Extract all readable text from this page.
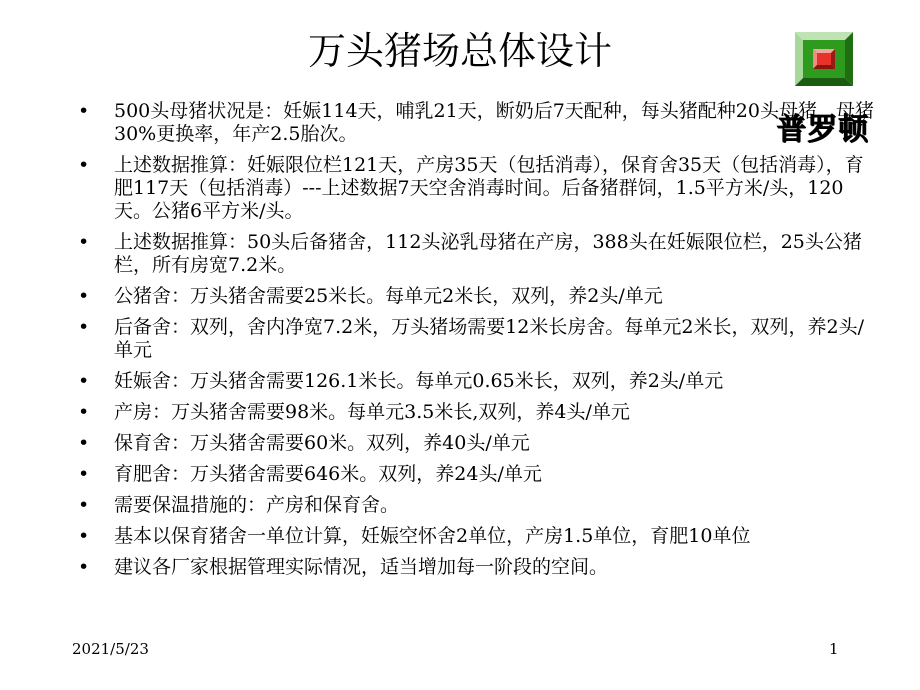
万头猪场总体设计
普罗顿
• 500头母猪状况是：妊娠114天，哺乳21天，断奶后7天配种，每头猪配种20头母猪，母猪30%更换率，年产2.5胎次。
• 上述数据推算：妊娠限位栏121天，产房35天（包括消毒），保育舍35天（包括消毒），育肥117天（包括消毒）---上述数据7天空舍消毒时间。后备猪群饲，1.5平方米/头，120天。公猪6平方米/头。
• 上述数据推算：50头后备猪舍，112头泌乳母猪在产房，388头在妊娠限位栏，25头公猪栏，所有房宽7.2米。
• 公猪舍：万头猪舍需要25米长。每单元2米长，双列，养2头/单元
• 后备舍：双列，舍内净宽7.2米，万头猪场需要12米长房舍。每单元2米长，双列，养2头/单元
• 妊娠舍：万头猪舍需要126.1米长。每单元0.65米长，双列，养2头/单元
• 产房：万头猪舍需要98米。每单元3.5米长,双列，养4头/单元
• 保育舍：万头猪舍需要60米。双列，养40头/单元
• 育肥舍：万头猪舍需要646米。双列，养24头/单元
• 需要保温措施的：产房和保育舍。
• 基本以保育猪舍一单位计算，妊娠空怀舍2单位，产房1.5单位，育肥10单位
• 建议各厂家根据管理实际情况，适当增加每一阶段的空间。
2021/5/23	1
